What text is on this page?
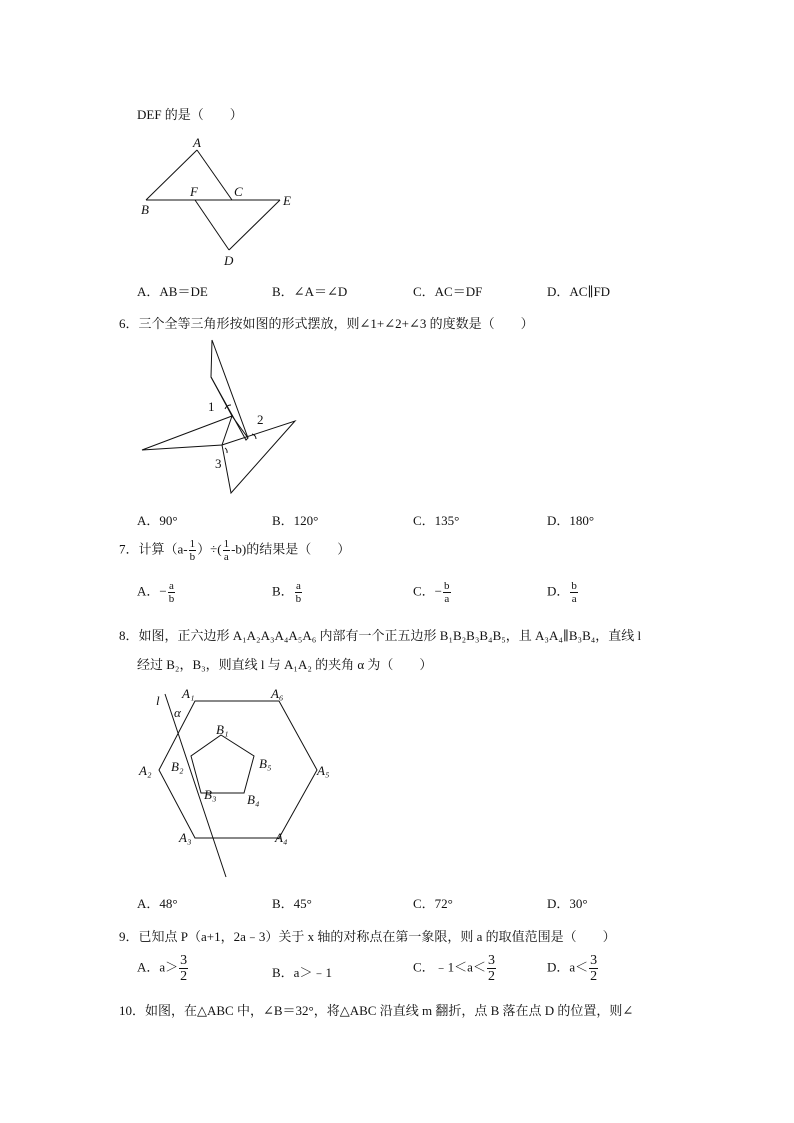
DEF 的是（　　）
A
B
C
D
E
F
A．AB＝DE	B．∠A＝∠D	C．AC＝DF	D．AC∥FD
6．三个全等三角形按如图的形式摆放，则∠1+∠2+∠3 的度数是（　　）
1
2
3
A．90°	B．120°	C．135°	D．180°
7．计算（$a- \frac{1}{b}$ ）÷( $\frac{1}{a} -b$)的结果是（　　）
A．− $\frac{a}{b}$	B． $\frac{a}{b}$	C．− $\frac{b}{a}$	D． $\frac{b}{a}$
8．如图，正六边形 A₁A₂A₃A₄A₅A₆ 内部有一个正五边形 B₁B₂B₃B₄B₅，且 A₃A₄∥B₃B₄，直线 l
经过 B₂，B₃，则直线 l 与 A₁A₂ 的夹角 α 为（　　）
l
α
A₁
A₂
A₃	A₄
A₅
A₆
B₁
B₂
B₃ B₄
B₅
A．48°	B．45°	C．72°	D．30°
9．已知点 P（a+1，2a﹣3）关于 x 轴的对称点在第一象限，则 a 的取值范围是（　　）
A．$a> \frac{3}{2}$	B．a＞﹣1	C．﹣1＜a＜ $\frac{3}{2}$	D．$a< \frac{3}{2}$
10．如图，在△ABC 中，∠B＝32°，将△ABC 沿直线 m 翻折，点 B 落在点 D 的位置，则∠
